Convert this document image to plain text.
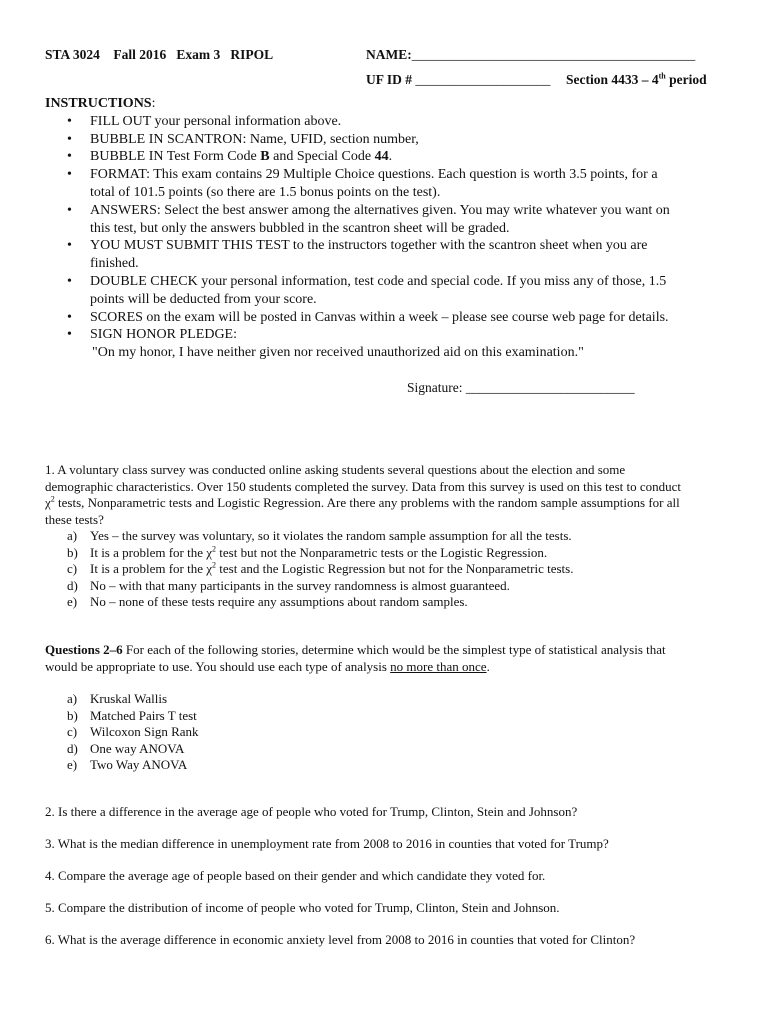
STA 3024 Fall 2016 Exam 3 RIPOL	NAME:__________________________________________
UF ID # ____________________ Section 4433 – 4th period
INSTRUCTIONS:
• FILL OUT your personal information above.
• BUBBLE IN SCANTRON: Name, UFID, section number,
• BUBBLE IN Test Form Code B and Special Code 44.
• FORMAT: This exam contains 29 Multiple Choice questions. Each question is worth 3.5 points, for a
total of 101.5 points (so there are 1.5 bonus points on the test).
• ANSWERS: Select the best answer among the alternatives given. You may write whatever you want on
this test, but only the answers bubbled in the scantron sheet will be graded.
• YOU MUST SUBMIT THIS TEST to the instructors together with the scantron sheet when you are
finished.
• DOUBLE CHECK your personal information, test code and special code. If you miss any of those, 1.5
points will be deducted from your score.
• SCORES on the exam will be posted in Canvas within a week – please see course web page for details.
• SIGN HONOR PLEDGE:
"On my honor, I have neither given nor received unauthorized aid on this examination."
Signature: _________________________
1. A voluntary class survey was conducted online asking students several questions about the election and some
demographic characteristics. Over 150 students completed the survey. Data from this survey is used on this test to conduct
$\chi^2$ tests, Nonparametric tests and Logistic Regression. Are there any problems with the random sample assumptions for all
these tests?
a) Yes – the survey was voluntary, so it violates the random sample assumption for all the tests.
b) It is a problem for the $\chi^2$ test but not the Nonparametric tests or the Logistic Regression.
c) It is a problem for the $\chi^2$ test and the Logistic Regression but not for the Nonparametric tests.
d) No – with that many participants in the survey randomness is almost guaranteed.
e) No – none of these tests require any assumptions about random samples.
Questions 2–6 For each of the following stories, determine which would be the simplest type of statistical analysis that
would be appropriate to use. You should use each type of analysis no more than once.
a) Kruskal Wallis
b) Matched Pairs T test
c) Wilcoxon Sign Rank
d) One way ANOVA
e) Two Way ANOVA
2. Is there a difference in the average age of people who voted for Trump, Clinton, Stein and Johnson?
3. What is the median difference in unemployment rate from 2008 to 2016 in counties that voted for Trump?
4. Compare the average age of people based on their gender and which candidate they voted for.
5. Compare the distribution of income of people who voted for Trump, Clinton, Stein and Johnson.
6. What is the average difference in economic anxiety level from 2008 to 2016 in counties that voted for Clinton?
